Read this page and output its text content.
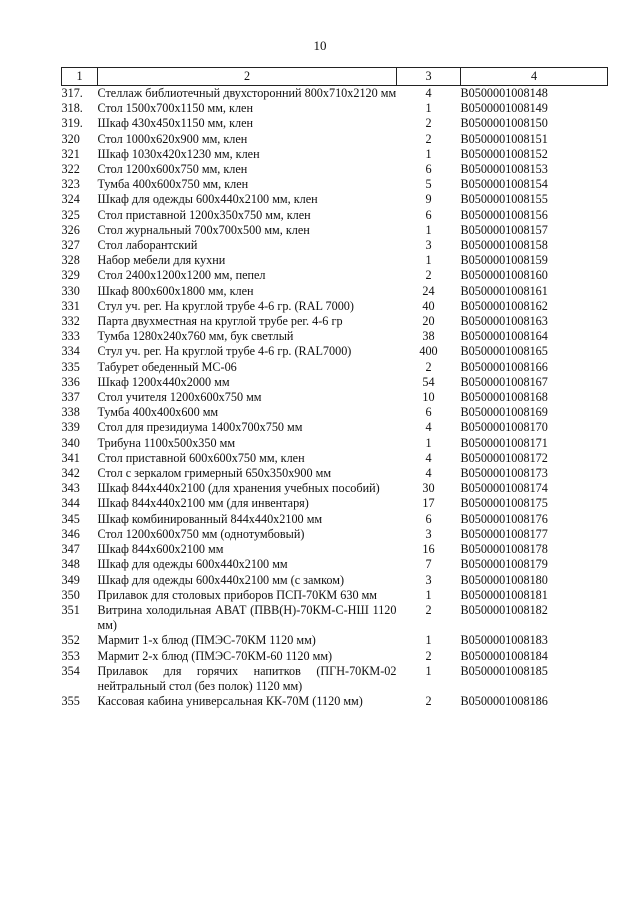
10
1	2	3	4
317.	Стеллаж библиотечный двухсторонний 800х710х2120 мм	4	B0500001008148
318.	Стол 1500х700х1150 мм, клен	1	B0500001008149
319.	Шкаф 430х450х1150 мм, клен	2	B0500001008150
320	Стол 1000х620х900 мм, клен	2	B0500001008151
321	Шкаф 1030х420х1230 мм, клен	1	B0500001008152
322	Стол 1200х600х750 мм, клен	6	B0500001008153
323	Тумба 400х600х750 мм, клен	5	B0500001008154
324	Шкаф для одежды 600х440х2100 мм, клен	9	B0500001008155
325	Стол приставной 1200х350х750 мм, клен	6	B0500001008156
326	Стол журнальный 700х700х500 мм, клен	1	B0500001008157
327	Стол лаборантский	3	B0500001008158
328	Набор мебели для кухни	1	B0500001008159
329	Стол 2400х1200х1200 мм, пепел	2	B0500001008160
330	Шкаф 800х600х1800 мм, клен	24	B0500001008161
331	Стул уч. рег. На круглой трубе 4-6 гр. (RAL 7000)	40	B0500001008162
332	Парта двухместная на круглой трубе рег. 4-6 гр	20	B0500001008163
333	Тумба 1280х240х760 мм, бук светлый	38	B0500001008164
334	Стул уч. рег. На круглой трубе 4-6 гр. (RAL7000)	400	B0500001008165
335	Табурет обеденный МС-06	2	B0500001008166
336	Шкаф 1200х440х2000 мм	54	B0500001008167
337	Стол учителя 1200х600х750 мм	10	B0500001008168
338	Тумба 400х400х600 мм	6	B0500001008169
339	Стол для президиума 1400х700х750 мм	4	B0500001008170
340	Трибуна 1100х500х350 мм	1	B0500001008171
341	Стол приставной 600х600х750 мм, клен	4	B0500001008172
342	Стол с зеркалом гримерный 650х350х900 мм	4	B0500001008173
343	Шкаф 844х440х2100 (для хранения учебных пособий)	30	B0500001008174
344	Шкаф 844х440х2100 мм (для инвентаря)	17	B0500001008175
345	Шкаф комбинированный 844х440х2100 мм	6	B0500001008176
346	Стол 1200х600х750 мм (однотумбовый)	3	B0500001008177
347	Шкаф 844х600х2100 мм	16	B0500001008178
348	Шкаф для одежды 600х440х2100 мм	7	B0500001008179
349	Шкаф для одежды 600х440х2100 мм (с замком)	3	B0500001008180
350	Прилавок для столовых приборов ПСП-70КМ 630 мм	1	B0500001008181
351	Витрина холодильная АВАТ (ПВВ(Н)-70КМ-С-НШ 1120 мм)	2	B0500001008182
352	Мармит 1-х блюд (ПМЭС-70КМ 1120 мм)	1	B0500001008183
353	Мармит 2-х блюд (ПМЭС-70КМ-60 1120 мм)	2	B0500001008184
354	Прилавок для горячих напитков (ПГН-70КМ-02 нейтральный стол (без полок) 1120 мм)	1	B0500001008185
355	Кассовая кабина универсальная КК-70М (1120 мм)	2	B0500001008186
